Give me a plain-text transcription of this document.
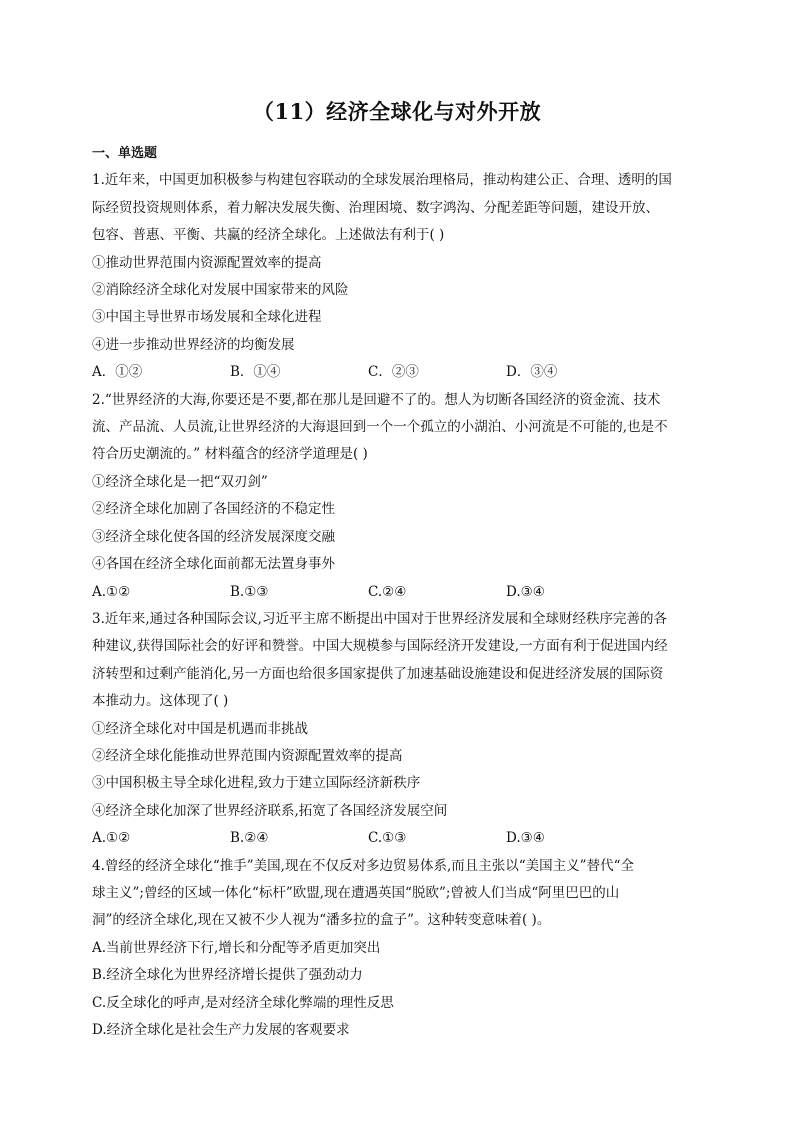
（11）经济全球化与对外开放
一、单选题
1.近年来，中国更加积极参与构建包容联动的全球发展治理格局，推动构建公正、合理、透明的国
际经贸投资规则体系，着力解决发展失衡、治理困境、数字鸿沟、分配差距等问题，建设开放、
包容、普惠、平衡、共赢的经济全球化。上述做法有利于( )
①推动世界范围内资源配置效率的提高
②消除经济全球化对发展中国家带来的风险
③中国主导世界市场发展和全球化进程
④进一步推动世界经济的均衡发展
A．①②	B．①④	C．②③	D．③④
2.“世界经济的大海,你要还是不要,都在那儿是回避不了的。想人为切断各国经济的资金流、技术
流、产品流、人员流,让世界经济的大海退回到一个一个孤立的小湖泊、小河流是不可能的,也是不
符合历史潮流的。” 材料蕴含的经济学道理是( )
①经济全球化是一把“双刃剑”
②经济全球化加剧了各国经济的不稳定性
③经济全球化使各国的经济发展深度交融
④各国在经济全球化面前都无法置身事外
A.①②	B.①③	C.②④	D.③④
3.近年来,通过各种国际会议,习近平主席不断提出中国对于世界经济发展和全球财经秩序完善的各
种建议,获得国际社会的好评和赞誉。中国大规模参与国际经济开发建设,一方面有利于促进国内经
济转型和过剩产能消化,另一方面也给很多国家提供了加速基础设施建设和促进经济发展的国际资
本推动力。这体现了( )
①经济全球化对中国是机遇而非挑战
②经济全球化能推动世界范围内资源配置效率的提高
③中国积极主导全球化进程,致力于建立国际经济新秩序
④经济全球化加深了世界经济联系,拓宽了各国经济发展空间
A.①②	B.②④	C.①③	D.③④
4.曾经的经济全球化“推手”美国,现在不仅反对多边贸易体系,而且主张以“美国主义”替代“全
球主义”;曾经的区域一体化“标杆”欧盟,现在遭遇英国“脱欧”;曾被人们当成“阿里巴巴的山
洞”的经济全球化,现在又被不少人视为“潘多拉的盒子”。这种转变意味着( )。
A.当前世界经济下行,增长和分配等矛盾更加突出
B.经济全球化为世界经济增长提供了强劲动力
C.反全球化的呼声,是对经济全球化弊端的理性反思
D.经济全球化是社会生产力发展的客观要求
